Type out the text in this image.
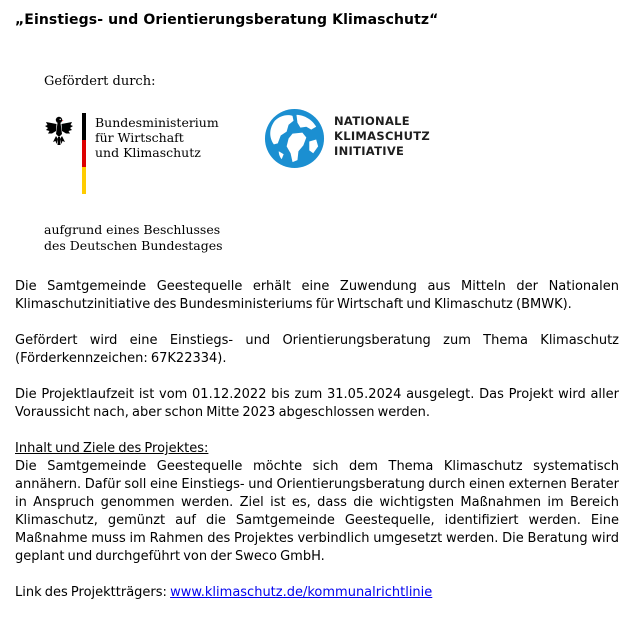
„Einstiegs- und Orientierungsberatung Klimaschutz“
Gefördert durch:
Bundesministerium
für Wirtschaft
und Klimaschutz
aufgrund eines Beschlusses
des Deutschen Bundestages
NATIONALE
KLIMASCHUTZ
INITIATIVE

Die Samtgemeinde Geestequelle erhält eine Zuwendung aus Mitteln der Nationalen Klimaschutzinitiative des Bundesministeriums für Wirtschaft und Klimaschutz (BMWK).

Gefördert wird eine Einstiegs- und Orientierungsberatung zum Thema Klimaschutz (Förderkennzeichen: 67K22334).

Die Projektlaufzeit ist vom 01.12.2022 bis zum 31.05.2024 ausgelegt. Das Projekt wird aller Voraussicht nach, aber schon Mitte 2023 abgeschlossen werden.

Inhalt und Ziele des Projektes:
Die Samtgemeinde Geestequelle möchte sich dem Thema Klimaschutz systematisch annähern. Dafür soll eine Einstiegs- und Orientierungsberatung durch einen externen Berater in Anspruch genommen werden. Ziel ist es, dass die wichtigsten Maßnahmen im Bereich Klimaschutz, gemünzt auf die Samtgemeinde Geestequelle, identifiziert werden. Eine Maßnahme muss im Rahmen des Projektes verbindlich umgesetzt werden. Die Beratung wird geplant und durchgeführt von der Sweco GmbH.

Link des Projektträgers: www.klimaschutz.de/kommunalrichtlinie
